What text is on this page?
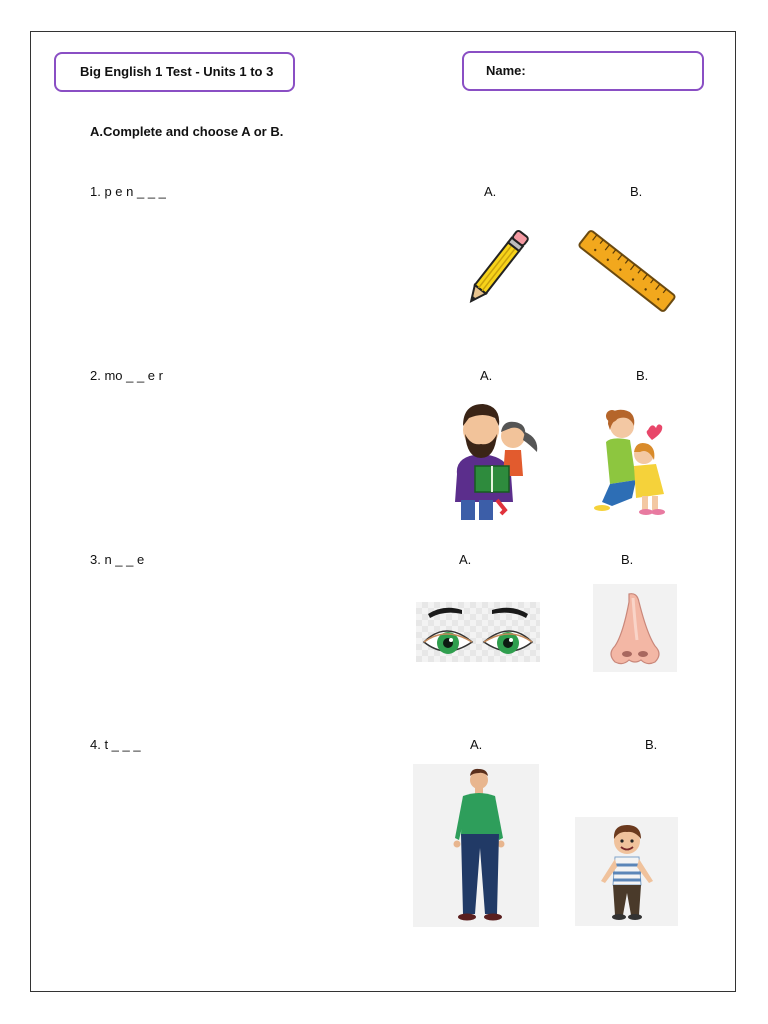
Big English 1 Test - Units 1 to 3	Name:
A.Complete and choose A or B.
1. p e n _ _ _	A.	B.
2. mo _ _ e r	A.	B.
3. n _ _ e	A.	B.
4. t _ _ _	A.	B.
